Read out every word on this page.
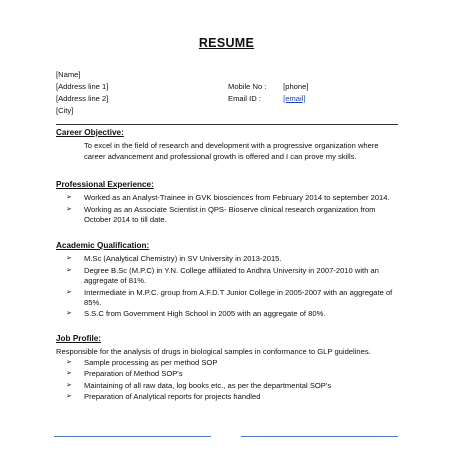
RESUME
[Name]
[Address line 1]
[Address line 2]
[City]
Mobile No : [phone]
Email ID :	[email]
Career Objective:
To excel in the field of research and development with a progressive organization where career advancement and professional growth is offered and I can prove my skills.
Professional Experience:
➢ Worked as an Analyst-Trainee in GVK biosciences from February 2014 to september 2014.
➢ Working as an Associate Scientist in QPS- Bioserve clinical research organization from October 2014 to till date.
Academic Qualification:
➢ M.Sc (Analytical Chemistry) in SV University in 2013-2015.
➢ Degree B.Sc (M.P.C) in Y.N. College affiliated to Andhra University in 2007-2010 with an aggregate of 81%.
➢ Intermediate in M.P.C. group from A.F.D.T Junior College in 2005-2007 with an aggregate of 85%.
➢ S.S.C from Government High School in 2005 with an aggregate of 80%.
Job Profile:
Responsible for the analysis of drugs in biological samples in conformance to GLP guidelines.
➢ Sample processing as per method SOP
➢ Preparation of Method SOP's
➢ Maintaining of all raw data, log books etc., as per the departmental SOP's
➢ Preparation of Analytical reports for projects handled
